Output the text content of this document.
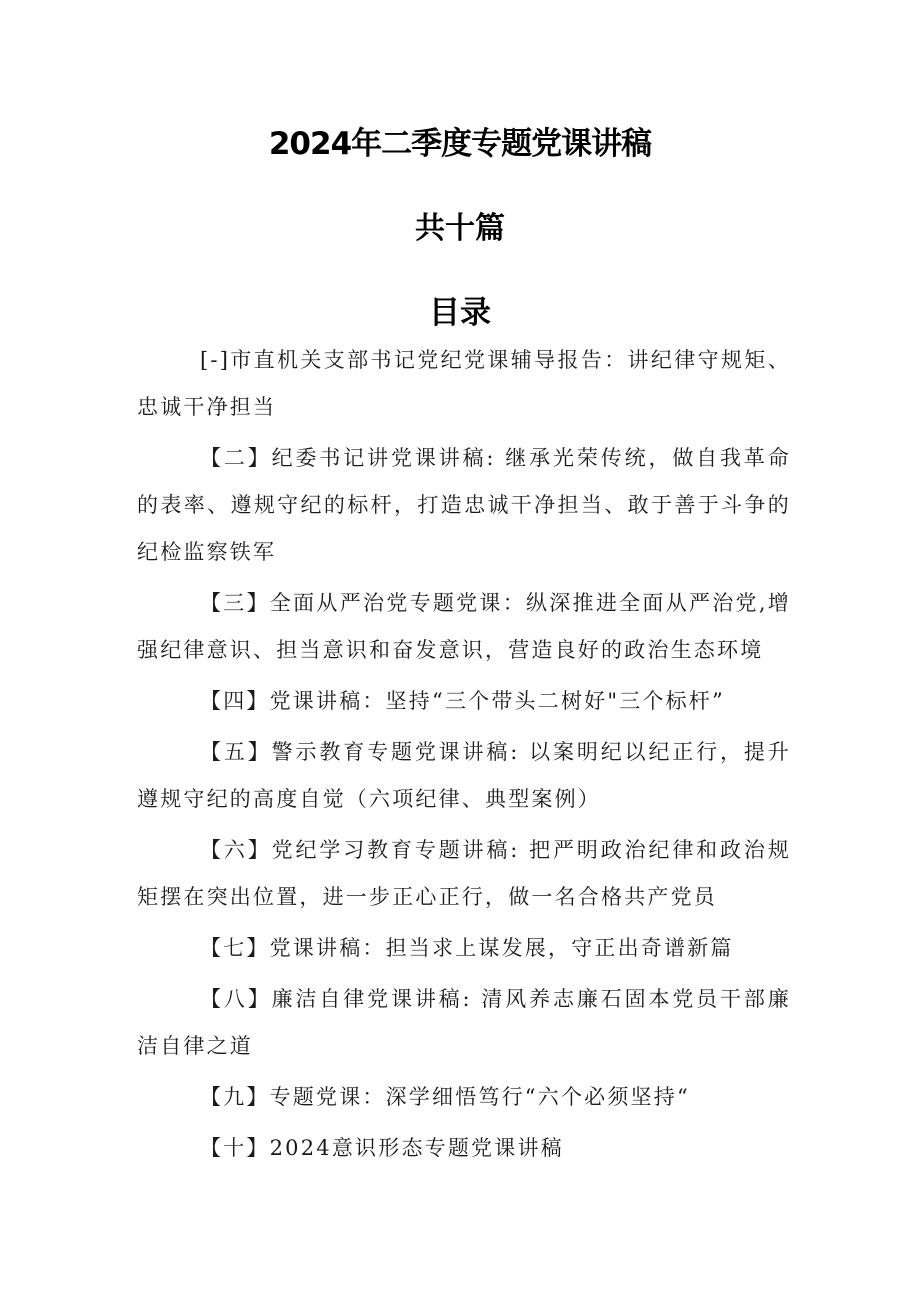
2024年二季度专题党课讲稿
共十篇
目录
[-]市直机关支部书记党纪党课辅导报告：讲纪律守规矩、忠诚干净担当
【二】纪委书记讲党课讲稿: 继承光荣传统，做自我革命的表率、遵规守纪的标杆，打造忠诚干净担当、敢于善于斗争的纪检监察铁军
【三】全面从严治党专题党课：纵深推进全面从严治党,增强纪律意识、担当意识和奋发意识，营造良好的政治生态环境
【四】党课讲稿：坚持“三个带头二树好"三个标杆”
【五】警示教育专题党课讲稿: 以案明纪以纪正行，提升遵规守纪的高度自觉（六项纪律、典型案例）
【六】党纪学习教育专题讲稿: 把严明政治纪律和政治规矩摆在突出位置，进一步正心正行，做一名合格共产党员
【七】党课讲稿：担当求上谋发展，守正出奇谱新篇
【八】廉洁自律党课讲稿: 清风养志廉石固本党员干部廉洁自律之道
【九】专题党课：深学细悟笃行“六个必须坚持“
【十】2024意识形态专题党课讲稿
